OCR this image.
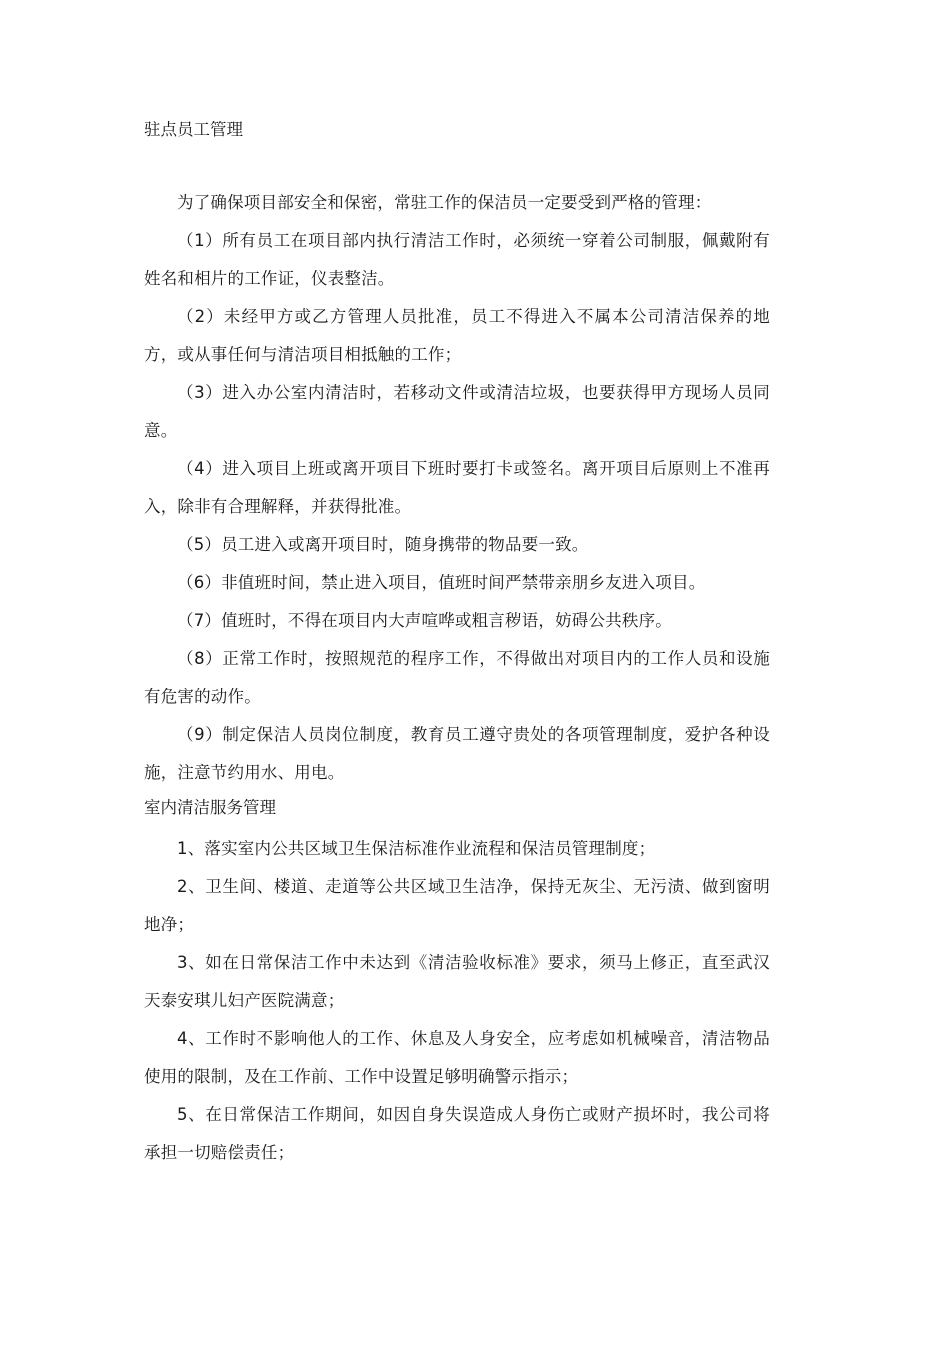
驻点员工管理

为了确保项目部安全和保密，常驻工作的保洁员一定要受到严格的管理：

（1）所有员工在项目部内执行清洁工作时，必须统一穿着公司制服，佩戴附有姓名和相片的工作证，仪表整洁。

（2）未经甲方或乙方管理人员批准，员工不得进入不属本公司清洁保养的地方，或从事任何与清洁项目相抵触的工作；

（3）进入办公室内清洁时，若移动文件或清洁垃圾，也要获得甲方现场人员同意。

（4）进入项目上班或离开项目下班时要打卡或签名。离开项目后原则上不准再入，除非有合理解释，并获得批准。

（5）员工进入或离开项目时，随身携带的物品要一致。

（6）非值班时间，禁止进入项目，值班时间严禁带亲朋乡友进入项目。

（7）值班时，不得在项目内大声喧哗或粗言秽语，妨碍公共秩序。

（8）正常工作时，按照规范的程序工作，不得做出对项目内的工作人员和设施有危害的动作。

（9）制定保洁人员岗位制度，教育员工遵守贵处的各项管理制度，爱护各种设施，注意节约用水、用电。

室内清洁服务管理

1、落实室内公共区域卫生保洁标准作业流程和保洁员管理制度；

2、卫生间、楼道、走道等公共区域卫生洁净，保持无灰尘、无污渍、做到窗明地净；

3、如在日常保洁工作中未达到《清洁验收标准》要求，须马上修正，直至武汉天泰安琪儿妇产医院满意；

4、工作时不影响他人的工作、休息及人身安全，应考虑如机械噪音，清洁物品使用的限制，及在工作前、工作中设置足够明确警示指示；

5、在日常保洁工作期间，如因自身失误造成人身伤亡或财产损坏时，我公司将承担一切赔偿责任；
